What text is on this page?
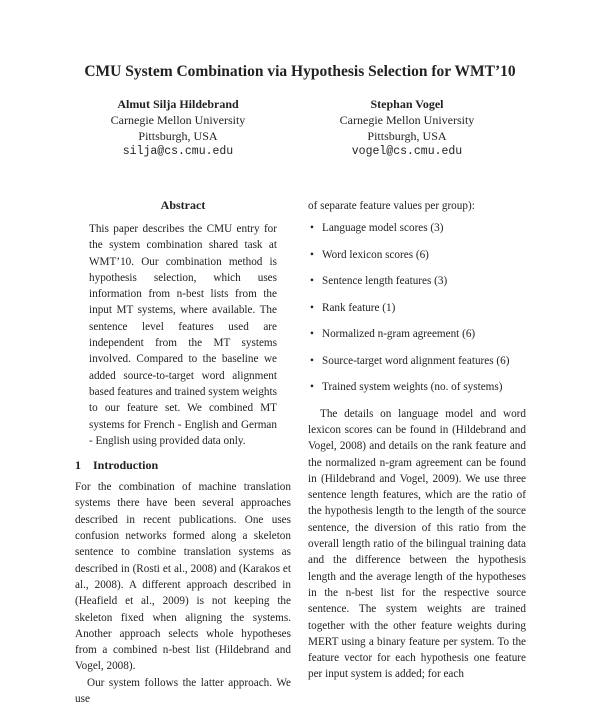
CMU System Combination via Hypothesis Selection for WMT’10
Almut Silja Hildebrand
Carnegie Mellon University
Pittsburgh, USA
silja@cs.cmu.edu
Stephan Vogel
Carnegie Mellon University
Pittsburgh, USA
vogel@cs.cmu.edu
Abstract

This paper describes the CMU entry for the system combination shared task at WMT’10. Our combination method is hypothesis selection, which uses information from n-best lists from the input MT systems, where available. The sentence level features used are independent from the MT systems involved. Compared to the baseline we added source-to-target word alignment based features and trained system weights to our feature set. We combined MT systems for French - English and German - English using provided data only.

1 Introduction

For the combination of machine translation systems there have been several approaches described in recent publications. One uses confusion networks formed along a skeleton sentence to combine translation systems as described in (Rosti et al., 2008) and (Karakos et al., 2008). A different approach described in (Heafield et al., 2009) is not keeping the skeleton fixed when aligning the systems. Another approach selects whole hypotheses from a combined n-best list (Hildebrand and Vogel, 2008).

Our system follows the latter approach. We use

of separate feature values per group):

• Language model scores (3)
• Word lexicon scores (6)
• Sentence length features (3)
• Rank feature (1)
• Normalized n-gram agreement (6)
• Source-target word alignment features (6)
• Trained system weights (no. of systems)

The details on language model and word lexicon scores can be found in (Hildebrand and Vogel, 2008) and details on the rank feature and the normalized n-gram agreement can be found in (Hildebrand and Vogel, 2009). We use three sentence length features, which are the ratio of the hypothesis length to the length of the source sentence, the diversion of this ratio from the overall length ratio of the bilingual training data and the difference between the hypothesis length and the average length of the hypotheses in the n-best list for the respective source sentence. The system weights are trained together with the other feature weights during MERT using a binary feature per system. To the feature vector for each hypothesis one feature per input system is added; for each
